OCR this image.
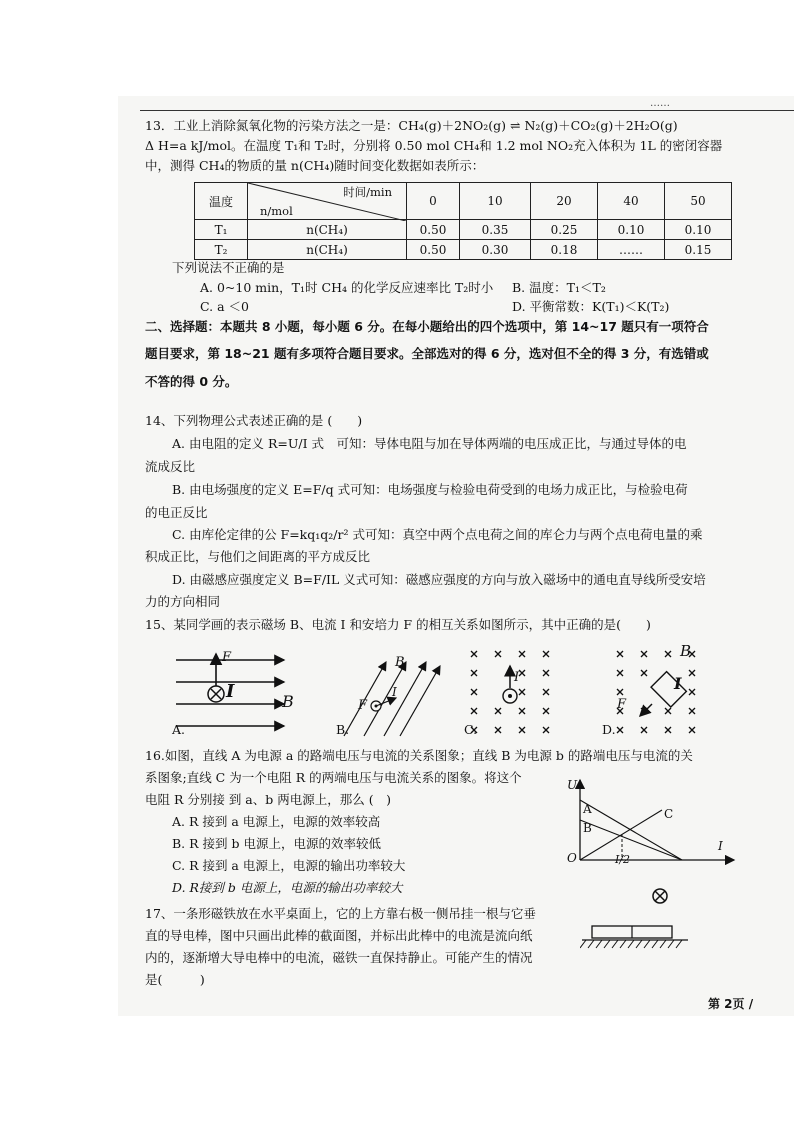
……
13．工业上消除氮氧化物的污染方法之一是：CH₄(g)＋2NO₂(g) ⇌ N₂(g)＋CO₂(g)＋2H₂O(g)
Δ H=a kJ/mol。在温度 T₁和 T₂时，分别将 0.50 mol CH₄和 1.2 mol NO₂充入体积为 1L 的密闭容器
中，测得 CH₄的物质的量 n(CH₄)随时间变化数据如表所示：
温度	时间/min
n/mol	0	10	20	40	50
T₁	n(CH₄)	0.50	0.35	0.25	0.10	0.10
T₂	n(CH₄)	0.50	0.30	0.18	……	0.15
下列说法不正确的是
A. 0~10 min，T₁时 CH₄ 的化学反应速率比 T₂时小 B. 温度：T₁＜T₂
C. a ＜0	D. 平衡常数：K(T₁)＜K(T₂)
二、选择题：本题共 8 小题，每小题 6 分。在每小题给出的四个选项中，第 14~17 题只有一项符合
题目要求，第 18~21 题有多项符合题目要求。全部选对的得 6 分，选对但不全的得 3 分，有选错或
不答的得 0 分。
14、下列物理公式表述正确的是 (　　)
A. 由电阻的定义 R=U/I 式　可知：导体电阻与加在导体两端的电压成正比，与通过导体的电
流成反比
B. 由电场强度的定义 E=F/q 式可知：电场强度与检验电荷受到的电场力成正比，与检验电荷
的电正反比
C. 由库伦定律的公 F=kq₁q₂/r² 式可知：真空中两个点电荷之间的库仑力与两个点电荷电量的乘
积成正比，与他们之间距离的平方成反比
D. 由磁感应强度定义 B=F/IL 义式可知：磁感应强度的方向与放入磁场中的通电直导线所受安培
力的方向相同
15、某同学画的表示磁场 B、电流 I 和安培力 F 的相互关系如图所示，其中正确的是(　　)
F
I	B
A.
B
I
F
B.
I
C.
B
I
F
D.
16.如图，直线 A 为电源 a 的路端电压与电流的关系图象；直线 B 为电源 b 的路端电压与电流的关
系图象;直线 C 为一个电阻 R 的两端电压与电流关系的图象。将这个
电阻 R 分别接 到 a、b 两电源上，那么 (　)
A. R 接到 a 电源上，电源的效率较高
B. R 接到 b 电源上，电源的效率较低
C. R 接到 a 电源上，电源的输出功率较大
D. R接到 b 电源上，电源的输出功率较大
U
A
B
C
O	I/2
I
17、一条形磁铁放在水平桌面上，它的上方靠右极一侧吊挂一根与它垂
直的导电棒，图中只画出此棒的截面图，并标出此棒中的电流是流向纸
内的，逐渐增大导电棒中的电流，磁铁一直保持静止。可能产生的情况
是(　　　)
第 2页 /
